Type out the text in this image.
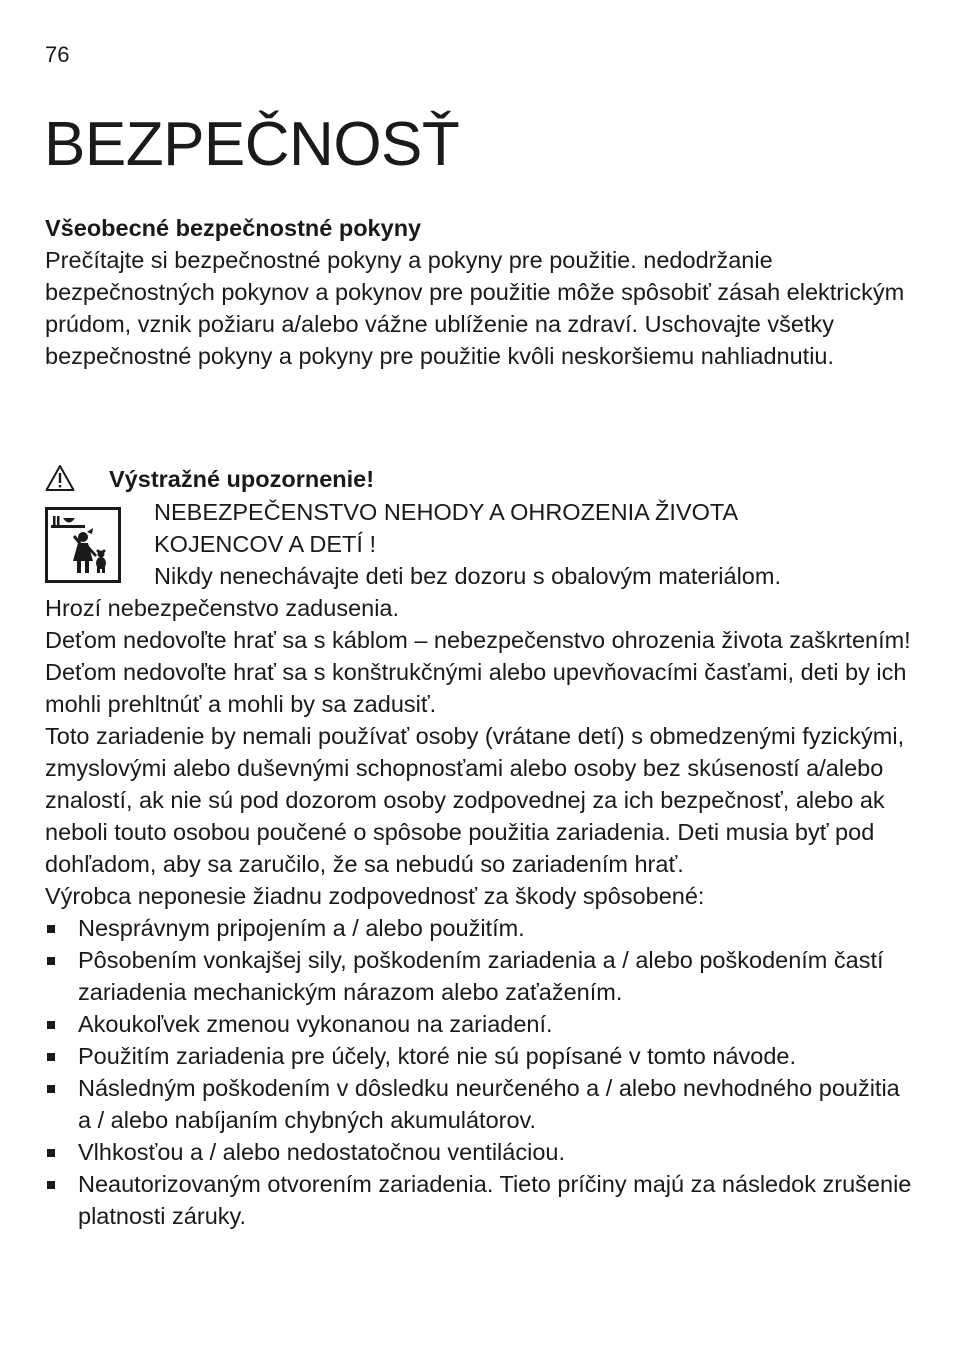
76
BEZPEČNOSŤ

Všeobecné bezpečnostné pokyny

Prečítajte si bezpečnostné pokyny a pokyny pre použitie. nedodržanie bezpečnostných pokynov a pokynov pre použitie môže spôsobiť zásah elektrickým prúdom, vznik požiaru a/alebo vážne ublíženie na zdraví. Uschovajte všetky bezpečnostné pokyny a pokyny pre použitie kvôli neskoršiemu nahliadnutiu.

Výstražné upozornenie!
NEBEZPEČENSTVO NEHODY A OHROZENIA ŽIVOTA
KOJENCOV A DETÍ !
Nikdy nenechávajte deti bez dozoru s obalovým materiálom.

Hrozí nebezpečenstvo zadusenia.

Deťom nedovoľte hrať sa s káblom – nebezpečenstvo ohrozenia života zaškrtením! Deťom nedovoľte hrať sa s konštrukčnými alebo upevňovacími časťami, deti by ich mohli prehltnúť a mohli by sa zadusiť.

Toto zariadenie by nemali používať osoby (vrátane detí) s obmedzenými fyzickými, zmyslovými alebo duševnými schopnosťami alebo osoby bez skúseností a/alebo znalostí, ak nie sú pod dozorom osoby zodpovednej za ich bezpečnosť, alebo ak neboli touto osobou poučené o spôsobe použitia zariadenia. Deti musia byť pod dohľadom, aby sa zaručilo, že sa nebudú so zariadením hrať.

Výrobca neponesie žiadnu zodpovednosť za škody spôsobené:

Nesprávnym pripojením a / alebo použitím.
Pôsobením vonkajšej sily, poškodením zariadenia a / alebo poškodením častí zariadenia mechanickým nárazom alebo zaťažením.
Akoukoľvek zmenou vykonanou na zariadení.
Použitím zariadenia pre účely, ktoré nie sú popísané v tomto návode.
Následným poškodením v dôsledku neurčeného a / alebo nevhodného použitia a / alebo nabíjaním chybných akumulátorov.
Vlhkosťou a / alebo nedostatočnou ventiláciou.
Neautorizovaným otvorením zariadenia. Tieto príčiny majú za následok zrušenie platnosti záruky.
